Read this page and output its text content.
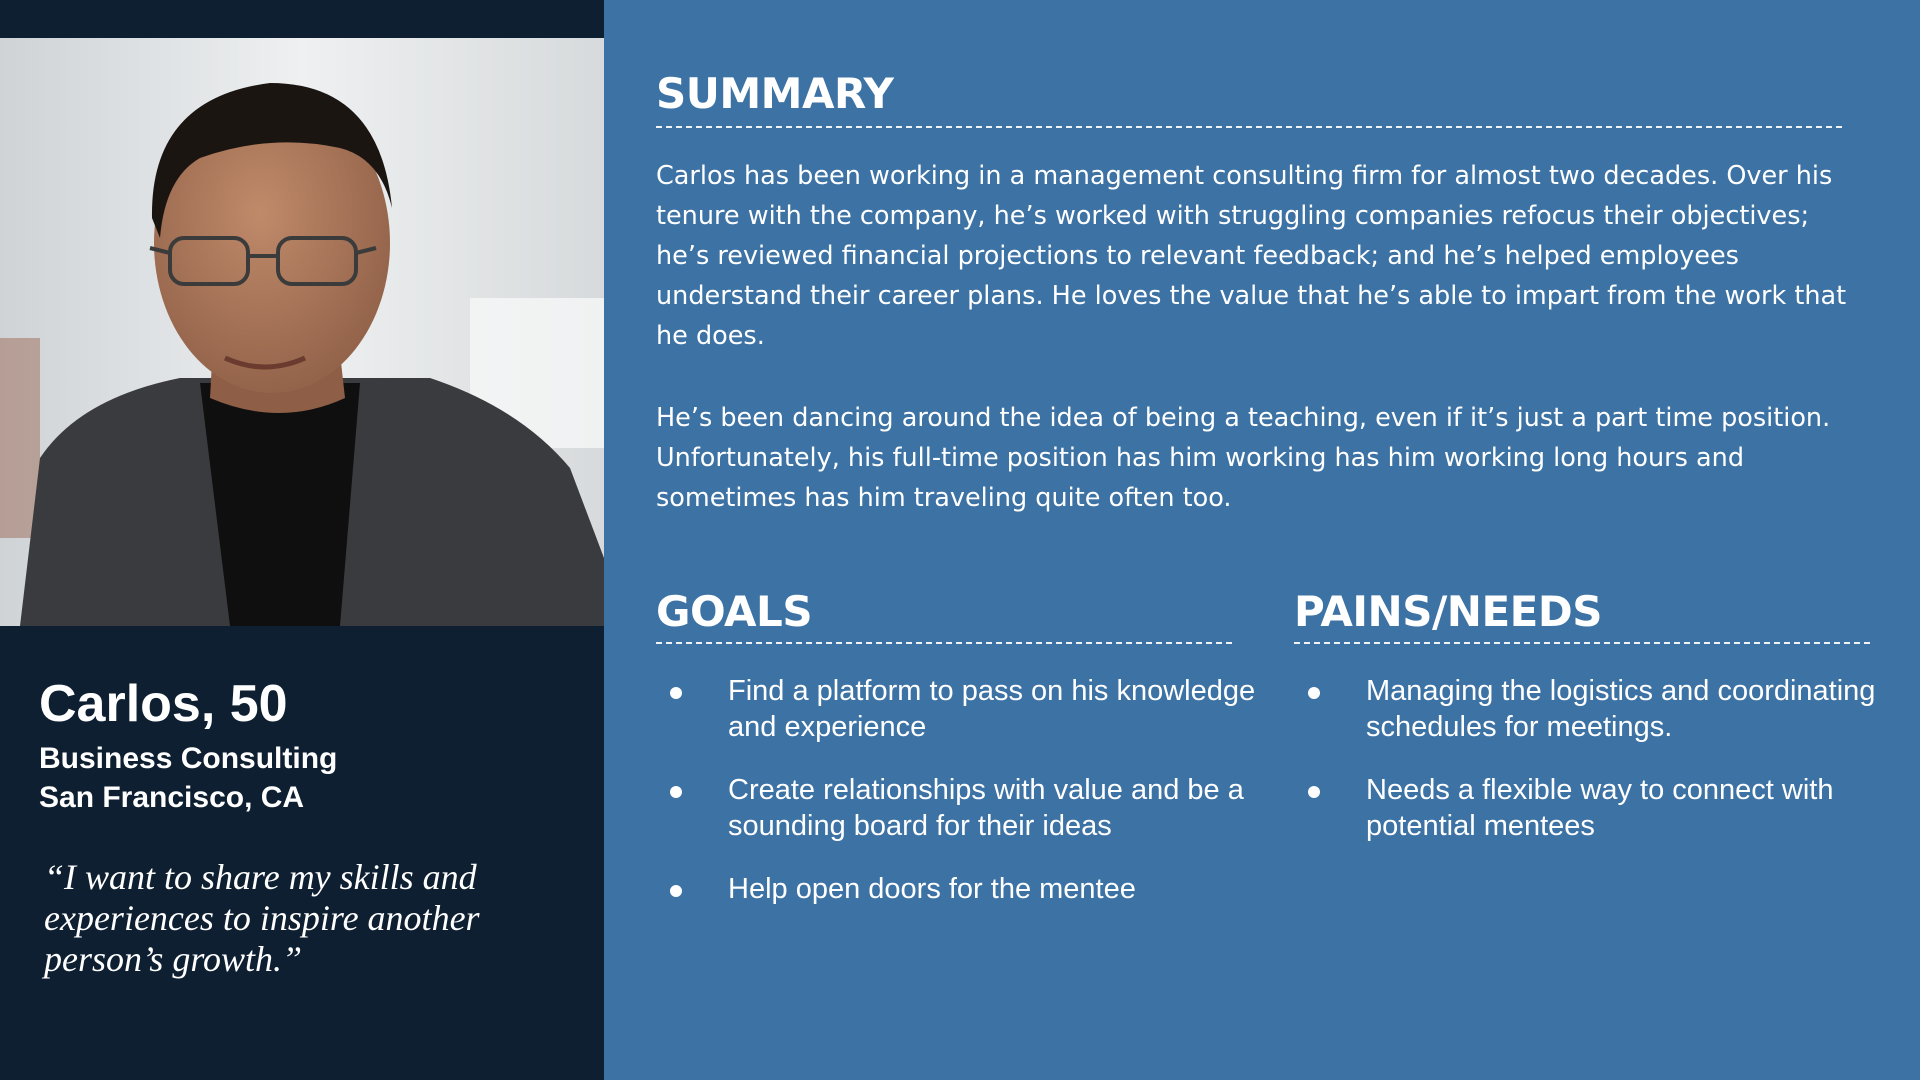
Carlos, 50
Business Consulting
San Francisco, CA

“I want to share my skills and experiences to inspire another person’s growth.”

SUMMARY

Carlos has been working in a management consulting firm for almost two decades. Over his tenure with the company, he’s worked with struggling companies refocus their objectives; he’s reviewed financial projections to relevant feedback; and he’s helped employees understand their career plans. He loves the value that he’s able to impart from the work that he does.

He’s been dancing around the idea of being a teaching, even if it’s just a part time position. Unfortunately, his full-time position has him working has him working long hours and sometimes has him traveling quite often too.

GOALS
Find a platform to pass on his knowledge and experience
Create relationships with value and be a sounding board for their ideas
Help open doors for the mentee
PAINS/NEEDS
Managing the logistics and coordinating schedules for meetings.
Needs a flexible way to connect with potential mentees
